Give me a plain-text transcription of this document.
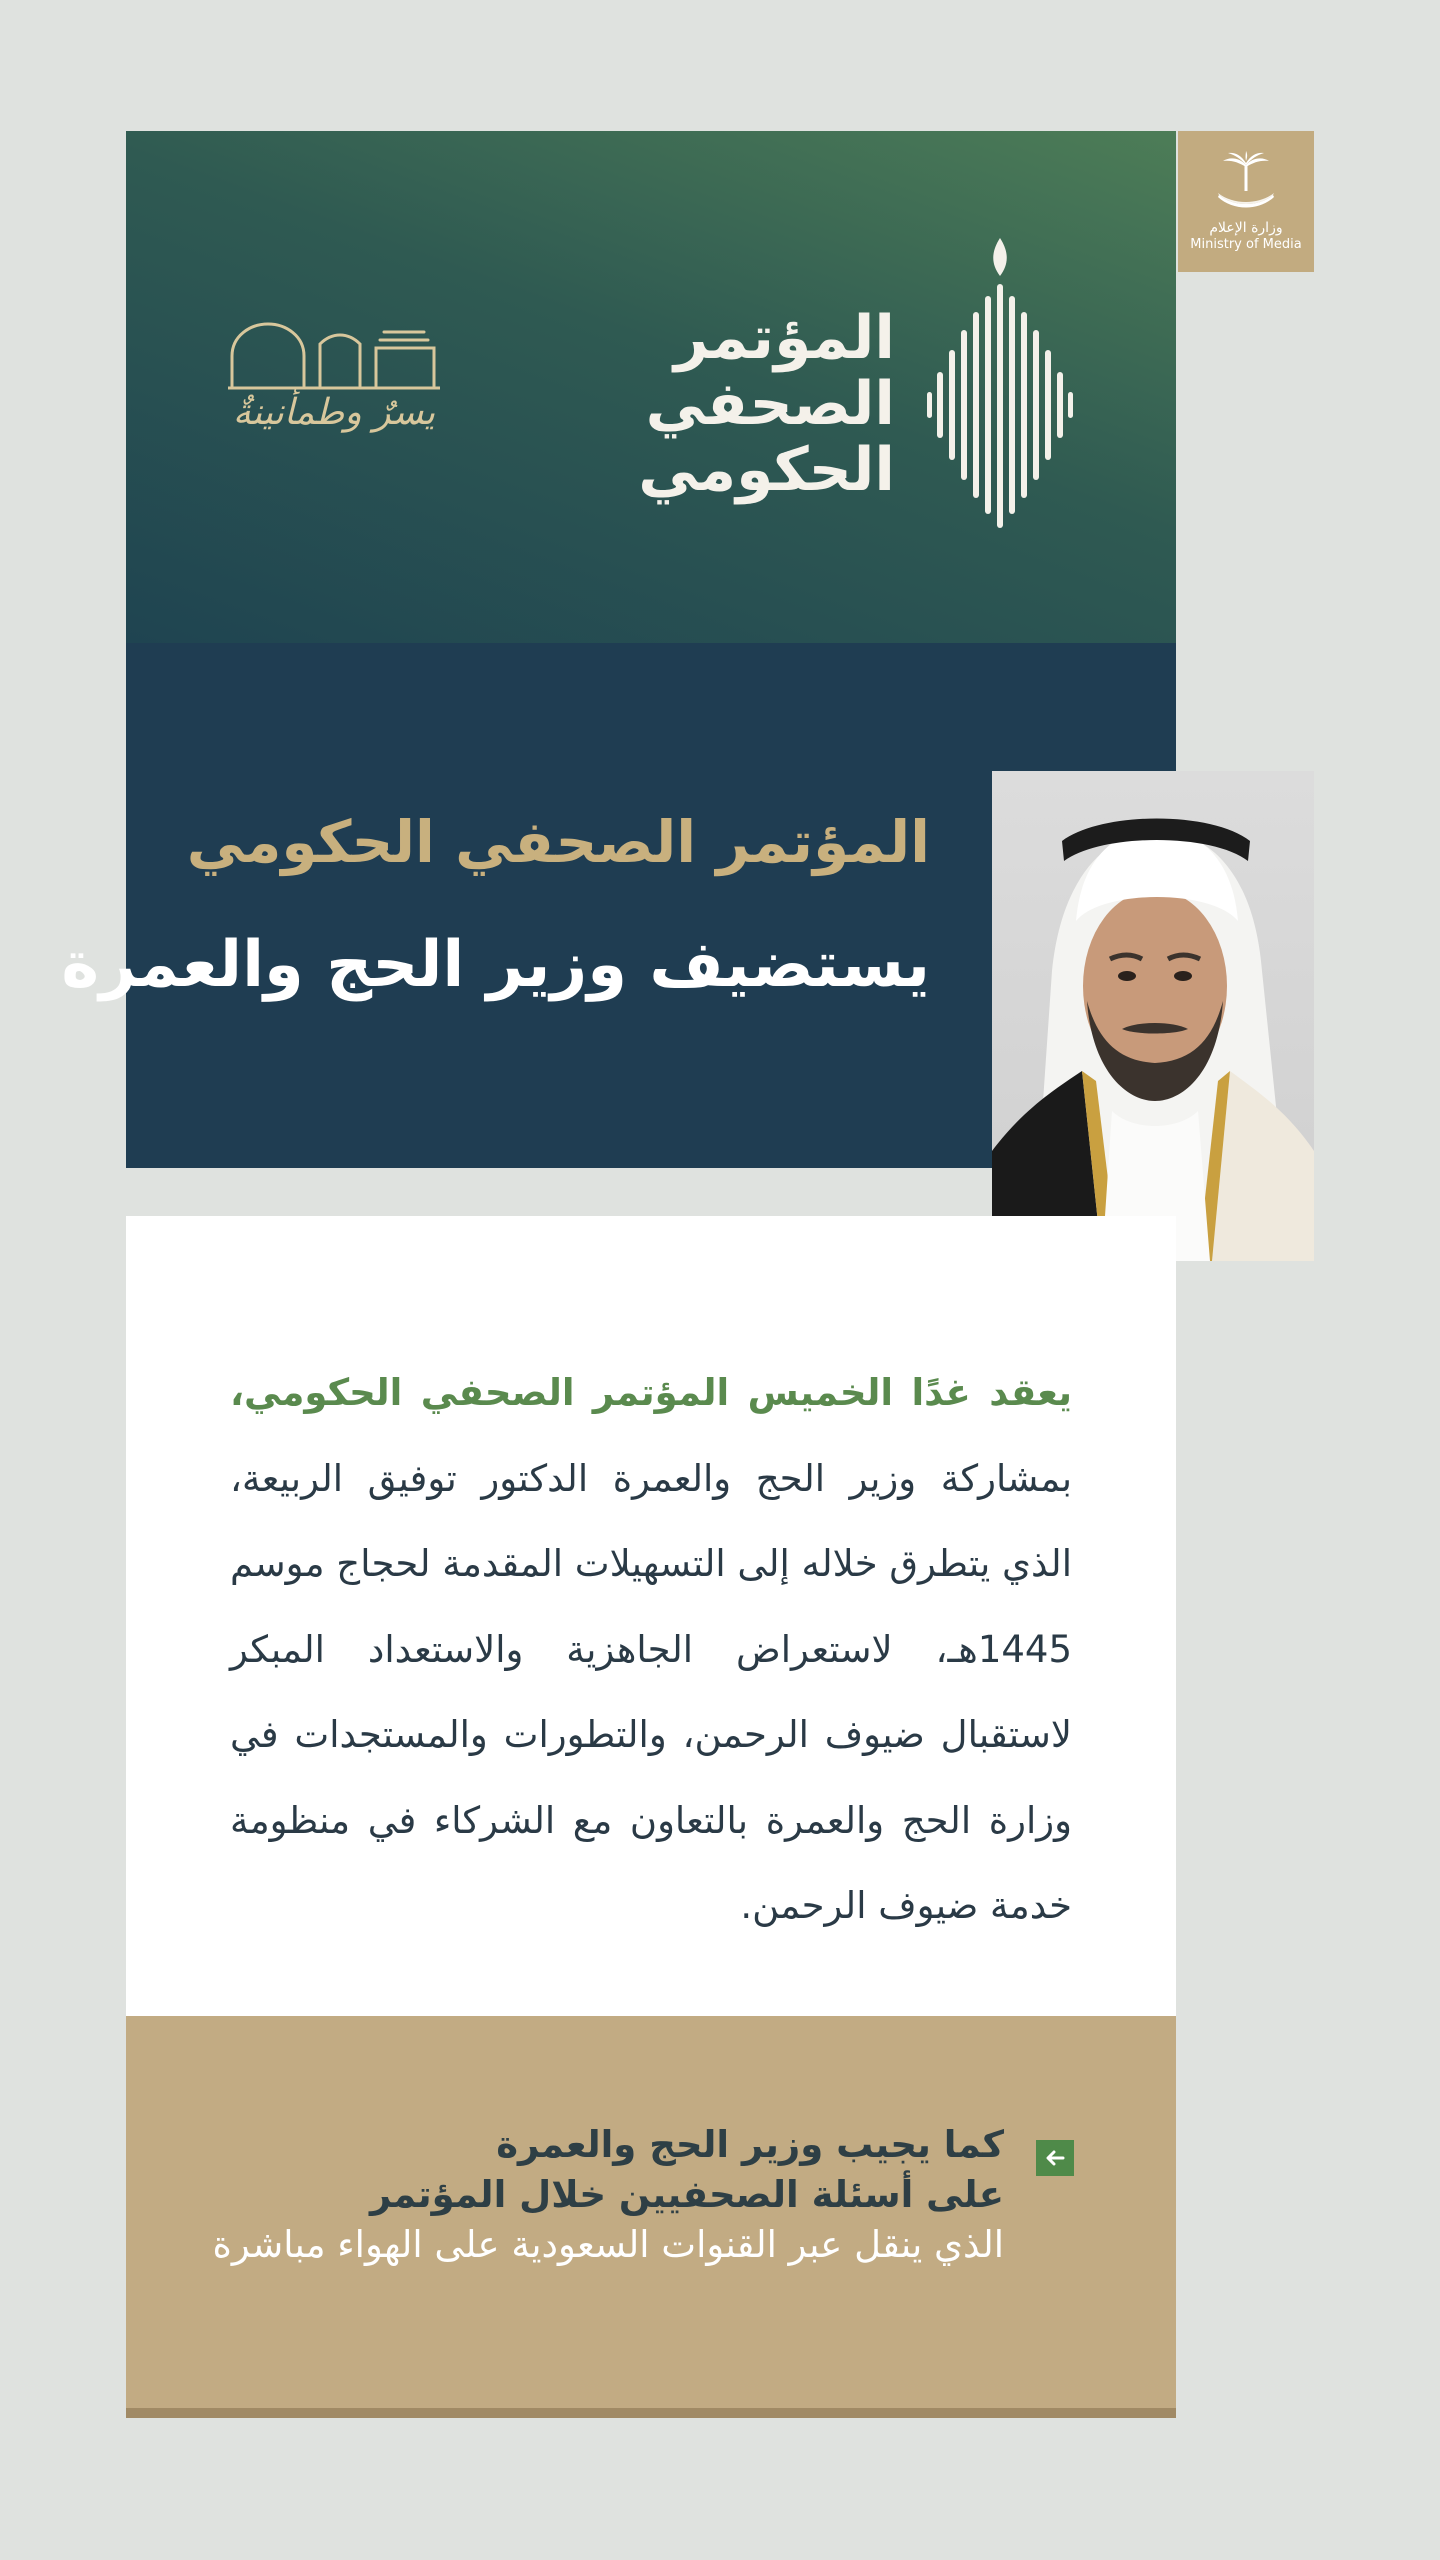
وزارة الإعلام
Ministry of Media
المؤتمر
الصحفي
الحكومي
يسرٌ وطمأنينةٌ
المؤتمر الصحفي الحكومي
يستضيف وزير الحج والعمرة

يعقد غدًا الخميس المؤتمر الصحفي الحكومي، بمشاركة وزير الحج والعمرة الدكتور توفيق الربيعة، الذي يتطرق خلاله إلى التسهيلات المقدمة لحجاج موسم 1445هـ، لاستعراض الجاهزية والاستعداد المبكر لاستقبال ضيوف الرحمن، والتطورات والمستجدات في وزارة الحج والعمرة بالتعاون مع الشركاء في منظومة خدمة ضيوف الرحمن.

كما يجيب وزير الحج والعمرة
على أسئلة الصحفيين خلال المؤتمر
الذي ينقل عبر القنوات السعودية على الهواء مباشرة
